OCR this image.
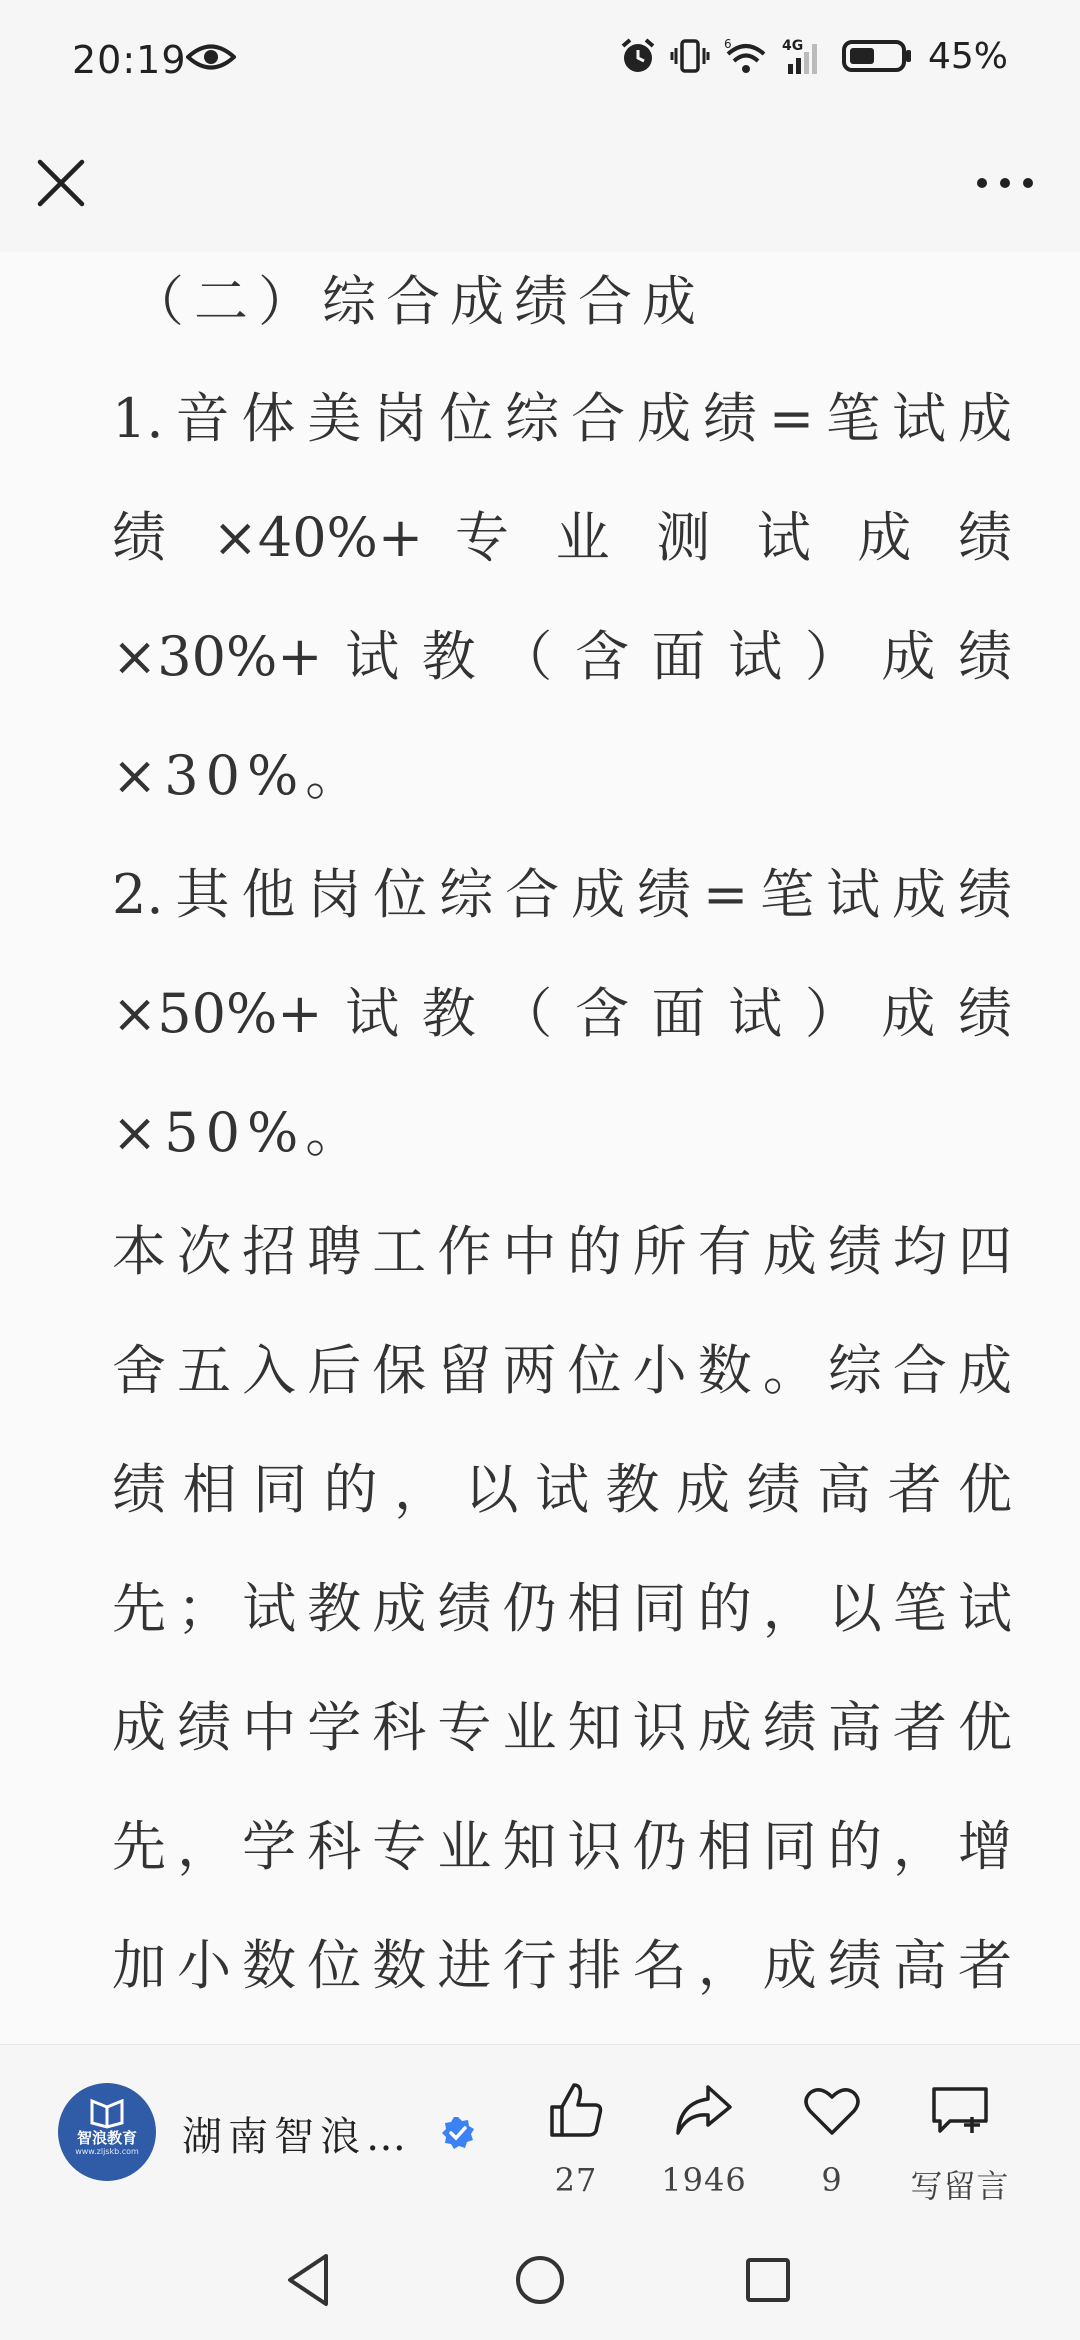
20:19	6	4G	45%
（二）综合成绩合成
1.音体美岗位综合成绩=笔试成
绩 ×40%+ 专 业 测 试 成 绩
×30%+试教（含面试）成绩
×30%。
2.其他岗位综合成绩=笔试成绩
×50%+试教（含面试）成绩
×50%。
本次招聘工作中的所有成绩均四
舍五入后保留两位小数。综合成
绩相同的，以试教成绩高者优
先；试教成绩仍相同的，以笔试
成绩中学科专业知识成绩高者优
先，学科专业知识仍相同的，增
加小数位数进行排名，成绩高者
智浪教育
www.zljskb.com	湖南智浪…
27	1946	9	写留言
